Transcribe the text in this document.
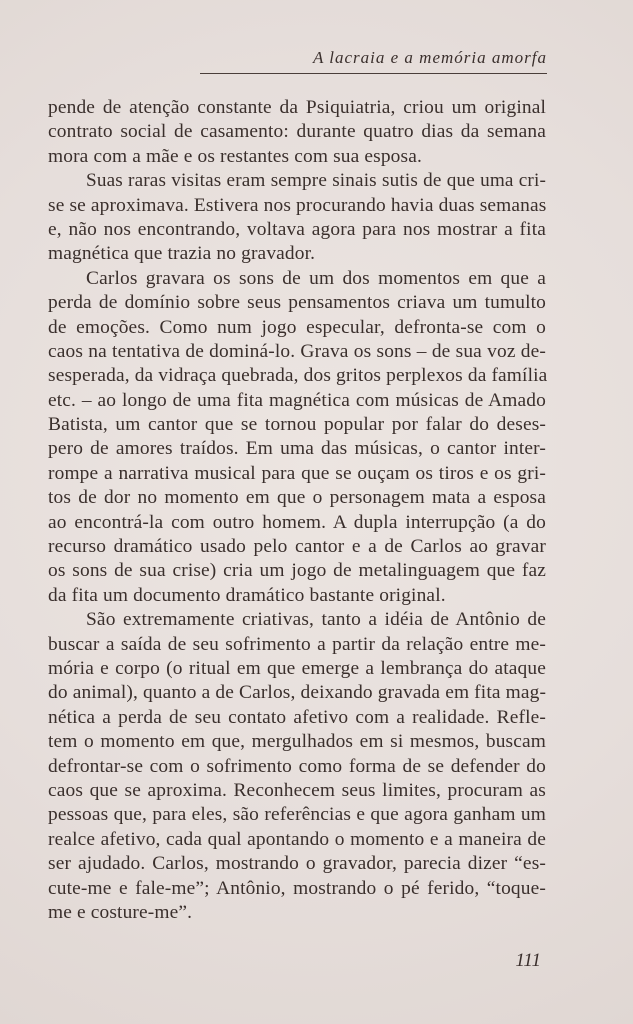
A lacraia e a memória amorfa
pende de atenção constante da Psiquiatria, criou um original
contrato social de casamento: durante quatro dias da semana
mora com a mãe e os restantes com sua esposa.
Suas raras visitas eram sempre sinais sutis de que uma cri-
se se aproximava. Estivera nos procurando havia duas semanas
e, não nos encontrando, voltava agora para nos mostrar a fita
magnética que trazia no gravador.
Carlos gravara os sons de um dos momentos em que a
perda de domínio sobre seus pensamentos criava um tumulto
de emoções. Como num jogo especular, defronta-se com o
caos na tentativa de dominá-lo. Grava os sons – de sua voz de-
sesperada, da vidraça quebrada, dos gritos perplexos da família
etc. – ao longo de uma fita magnética com músicas de Amado
Batista, um cantor que se tornou popular por falar do deses-
pero de amores traídos. Em uma das músicas, o cantor inter-
rompe a narrativa musical para que se ouçam os tiros e os gri-
tos de dor no momento em que o personagem mata a esposa
ao encontrá-la com outro homem. A dupla interrupção (a do
recurso dramático usado pelo cantor e a de Carlos ao gravar
os sons de sua crise) cria um jogo de metalinguagem que faz
da fita um documento dramático bastante original.
São extremamente criativas, tanto a idéia de Antônio de
buscar a saída de seu sofrimento a partir da relação entre me-
mória e corpo (o ritual em que emerge a lembrança do ataque
do animal), quanto a de Carlos, deixando gravada em fita mag-
nética a perda de seu contato afetivo com a realidade. Refle-
tem o momento em que, mergulhados em si mesmos, buscam
defrontar-se com o sofrimento como forma de se defender do
caos que se aproxima. Reconhecem seus limites, procuram as
pessoas que, para eles, são referências e que agora ganham um
realce afetivo, cada qual apontando o momento e a maneira de
ser ajudado. Carlos, mostrando o gravador, parecia dizer “es-
cute-me e fale-me”; Antônio, mostrando o pé ferido, “toque-
me e costure-me”.
111
